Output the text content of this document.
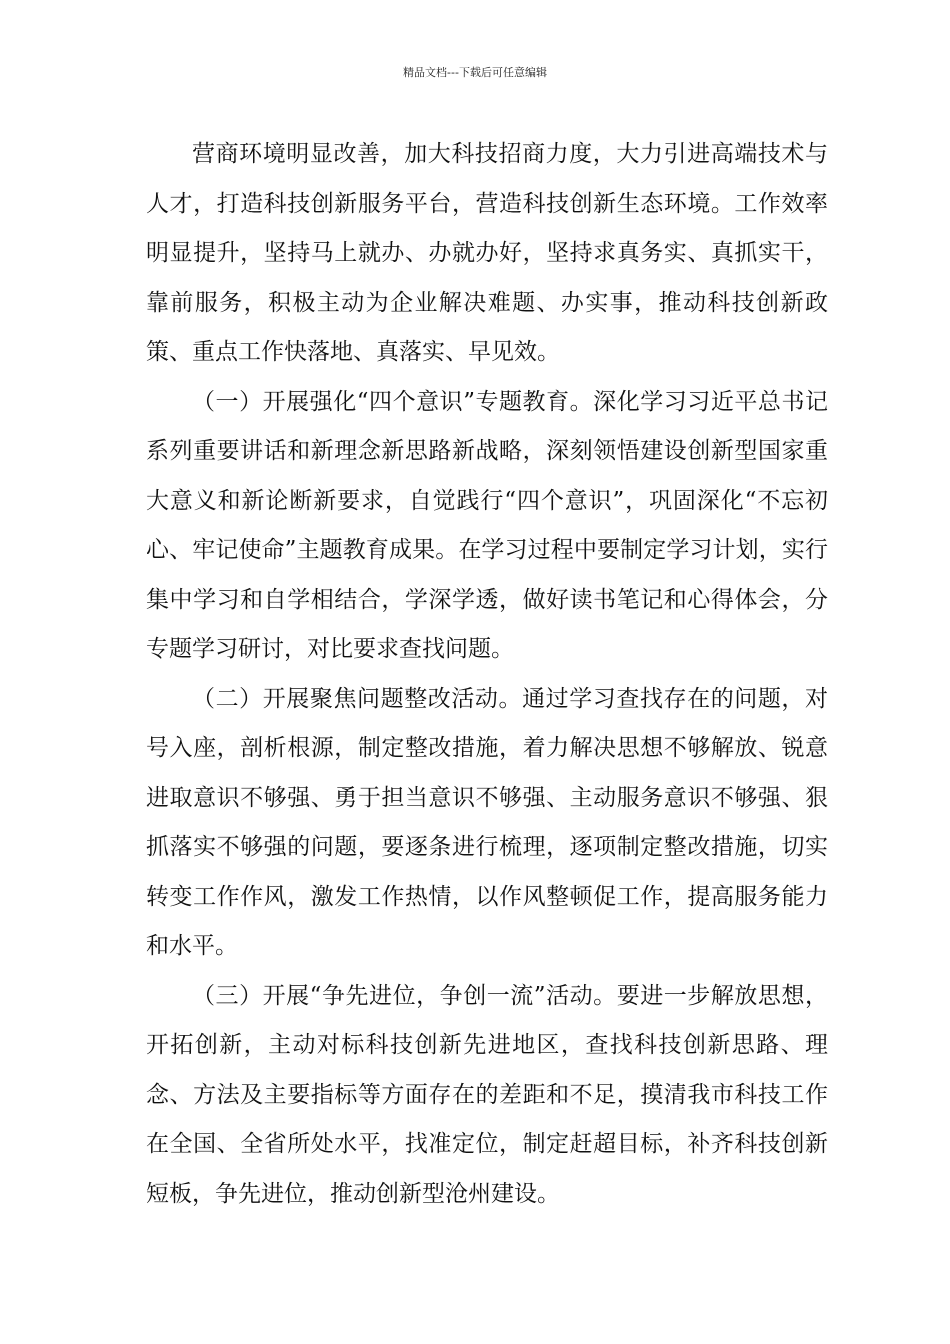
精品文档---下载后可任意编辑

营商环境明显改善，加大科技招商力度，大力引进高端技术与人才，打造科技创新服务平台，营造科技创新生态环境。工作效率明显提升，坚持马上就办、办就办好，坚持求真务实、真抓实干，靠前服务，积极主动为企业解决难题、办实事，推动科技创新政策、重点工作快落地、真落实、早见效。

（一）开展强化“四个意识”专题教育。深化学习习近平总书记系列重要讲话和新理念新思路新战略，深刻领悟建设创新型国家重大意义和新论断新要求，自觉践行“四个意识”，巩固深化“不忘初心、牢记使命”主题教育成果。在学习过程中要制定学习计划，实行集中学习和自学相结合，学深学透，做好读书笔记和心得体会，分专题学习研讨，对比要求查找问题。

（二）开展聚焦问题整改活动。通过学习查找存在的问题，对号入座，剖析根源，制定整改措施，着力解决思想不够解放、锐意进取意识不够强、勇于担当意识不够强、主动服务意识不够强、狠抓落实不够强的问题，要逐条进行梳理，逐项制定整改措施，切实转变工作作风，激发工作热情，以作风整顿促工作，提高服务能力和水平。

（三）开展“争先进位，争创一流”活动。要进一步解放思想，开拓创新，主动对标科技创新先进地区，查找科技创新思路、理念、方法及主要指标等方面存在的差距和不足，摸清我市科技工作在全国、全省所处水平，找准定位，制定赶超目标，补齐科技创新短板，争先进位，推动创新型沧州建设。
